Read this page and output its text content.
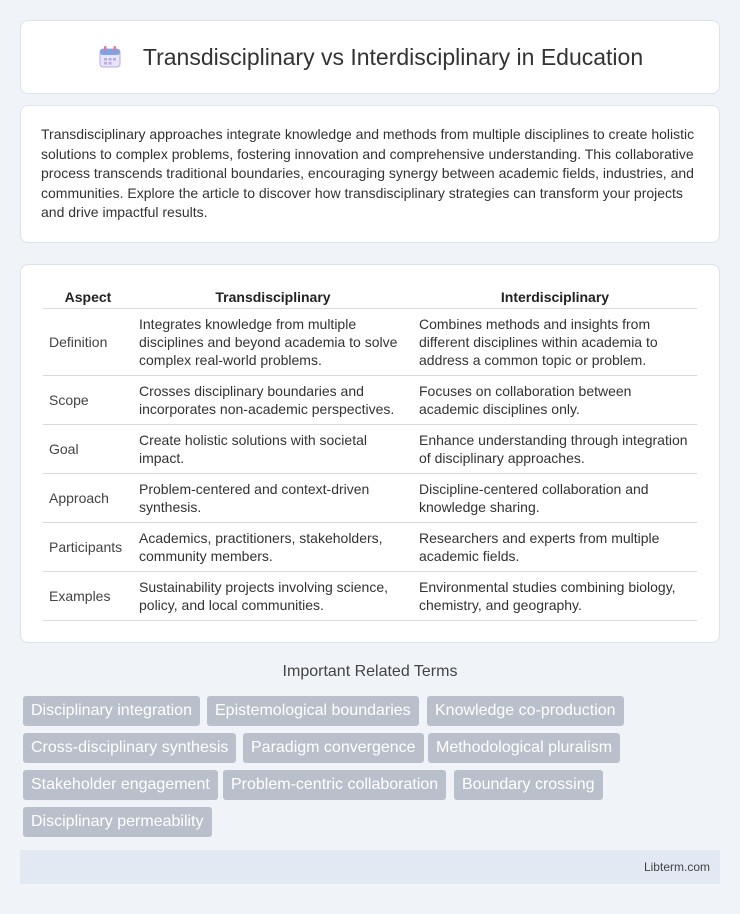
Transdisciplinary vs Interdisciplinary in Education

Transdisciplinary approaches integrate knowledge and methods from multiple disciplines to create holistic solutions to complex problems, fostering innovation and comprehensive understanding. This collaborative process transcends traditional boundaries, encouraging synergy between academic fields, industries, and communities. Explore the article to discover how transdisciplinary strategies can transform your projects and drive impactful results.

Aspect	Transdisciplinary	Interdisciplinary
Definition	Integrates knowledge from multiple disciplines and beyond academia to solve complex real-world problems.	Combines methods and insights from different disciplines within academia to address a common topic or problem.
Scope	Crosses disciplinary boundaries and incorporates non-academic perspectives.	Focuses on collaboration between academic disciplines only.
Goal	Create holistic solutions with societal impact.	Enhance understanding through integration of disciplinary approaches.
Approach	Problem-centered and context-driven synthesis.	Discipline-centered collaboration and knowledge sharing.
Participants	Academics, practitioners, stakeholders, community members.	Researchers and experts from multiple academic fields.
Examples	Sustainability projects involving science, policy, and local communities.	Environmental studies combining biology, chemistry, and geography.
Important Related Terms
Disciplinary integration	Epistemological boundaries	Knowledge co-production
Cross-disciplinary synthesis	Paradigm convergence	Methodological pluralism
Stakeholder engagement	Problem-centric collaboration	Boundary crossing
Disciplinary permeability
Libterm.com
